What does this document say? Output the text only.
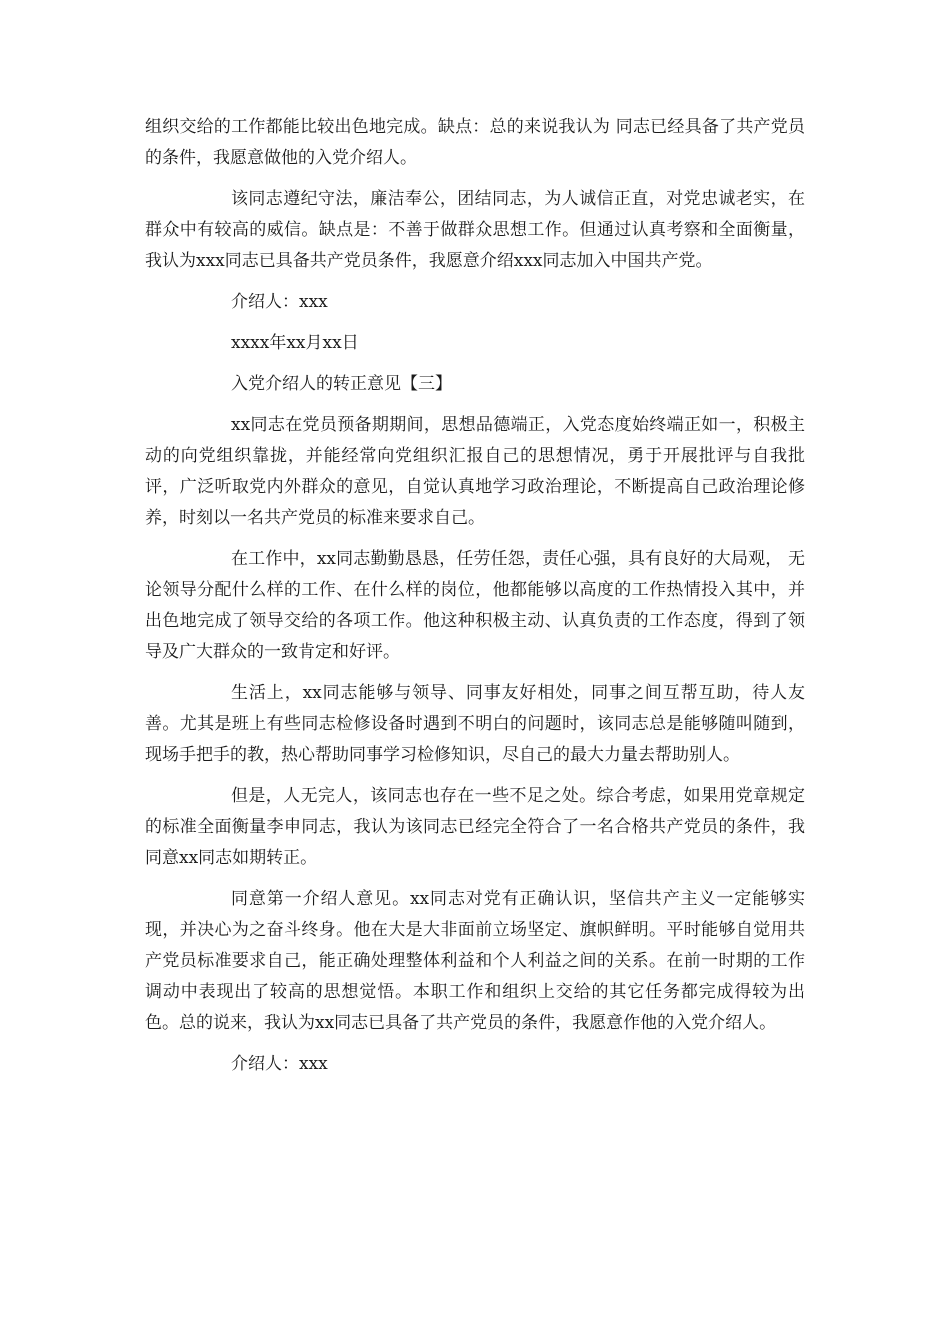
组织交给的工作都能比较出色地完成。缺点：总的来说我认为 同志已经具备了共产党员的条件，我愿意做他的入党介绍人。

该同志遵纪守法，廉洁奉公，团结同志，为人诚信正直，对党忠诚老实，在群众中有较高的威信。缺点是：不善于做群众思想工作。但通过认真考察和全面衡量，我认为xxx同志已具备共产党员条件，我愿意介绍xxx同志加入中国共产党。

介绍人：xxx

xxxx年xx月xx日

入党介绍人的转正意见【三】

xx同志在党员预备期期间，思想品德端正，入党态度始终端正如一，积极主动的向党组织靠拢，并能经常向党组织汇报自己的思想情况，勇于开展批评与自我批评，广泛听取党内外群众的意见，自觉认真地学习政治理论，不断提高自己政治理论修养，时刻以一名共产党员的标准来要求自己。

在工作中，xx同志勤勤恳恳，任劳任怨，责任心强，具有良好的大局观， 无论领导分配什么样的工作、在什么样的岗位，他都能够以高度的工作热情投入其中，并出色地完成了领导交给的各项工作。他这种积极主动、认真负责的工作态度，得到了领导及广大群众的一致肯定和好评。

生活上，xx同志能够与领导、同事友好相处，同事之间互帮互助，待人友善。尤其是班上有些同志检修设备时遇到不明白的问题时，该同志总是能够随叫随到，现场手把手的教，热心帮助同事学习检修知识，尽自己的最大力量去帮助别人。

但是，人无完人，该同志也存在一些不足之处。综合考虑，如果用党章规定的标准全面衡量李申同志，我认为该同志已经完全符合了一名合格共产党员的条件，我同意xx同志如期转正。

同意第一介绍人意见。xx同志对党有正确认识，坚信共产主义一定能够实现，并决心为之奋斗终身。他在大是大非面前立场坚定、旗帜鲜明。平时能够自觉用共产党员标准要求自己，能正确处理整体利益和个人利益之间的关系。在前一时期的工作调动中表现出了较高的思想觉悟。本职工作和组织上交给的其它任务都完成得较为出色。总的说来，我认为xx同志已具备了共产党员的条件，我愿意作他的入党介绍人。

介绍人：xxx
